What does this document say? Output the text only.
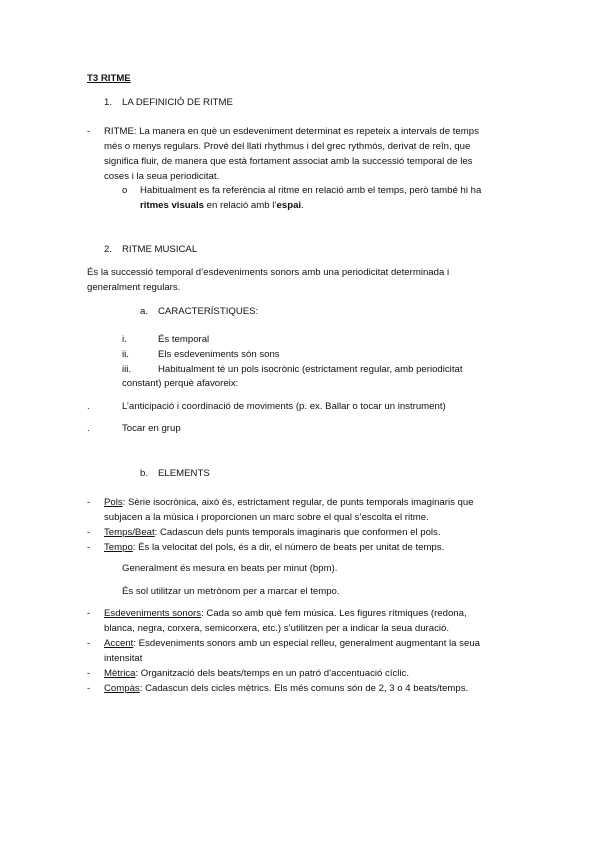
T3 RITME
1. LA DEFINICIÓ DE RITME
- RITME: La manera en què un esdeveniment determinat es repeteix a intervals de temps
més o menys regulars. Prové del llatí rhythmus i del grec rythmós, derivat de reîn, que
significa fluir, de manera que està fortament associat amb la successió temporal de les
coses i la seua periodicitat.
o Habitualment es fa referència al ritme en relació amb el temps, però també hi ha
ritmes visuals en relació amb l’espai.
2. RITME MUSICAL
És la successió temporal d’esdeveniments sonors amb una periodicitat determinada i
generalment regulars.
a. CARACTERÍSTIQUES:
i.	És temporal
ii.	Els esdeveniments són sons
iii.	Habitualment té un pols isocrònic (estrictament regular, amb periodicitat
constant) perquè afavoreix:
.	L’anticipació i coordinació de moviments (p. ex. Ballar o tocar un instrument)
.	Tocar en grup
b. ELEMENTS
- Pols: Sèrie isocrònica, això és, estrictament regular, de punts temporals imaginaris que
subjacen a la música i proporcionen un marc sobre el qual s’escolta el ritme.
- Temps/Beat: Cadascun dels punts temporals imaginaris que conformen el pols.
- Tempo: És la velocitat del pols, és a dir, el número de beats per unitat de temps.
Generalment és mesura en beats per minut (bpm).
És sol utilitzar un metrònom per a marcar el tempo.
- Esdeveniments sonors: Cada so amb què fem música. Les figures rítmiques (redona,
blanca, negra, corxera, semicorxera, etc.) s’utilitzen per a indicar la seua duració.
- Accent: Esdeveniments sonors amb un especial relleu, generalment augmentant la seua
intensitat
- Mètrica: Organització dels beats/temps en un patró d’accentuació cíclic.
- Compàs: Cadascun dels cicles mètrics. Els més comuns són de 2, 3 o 4 beats/temps.
